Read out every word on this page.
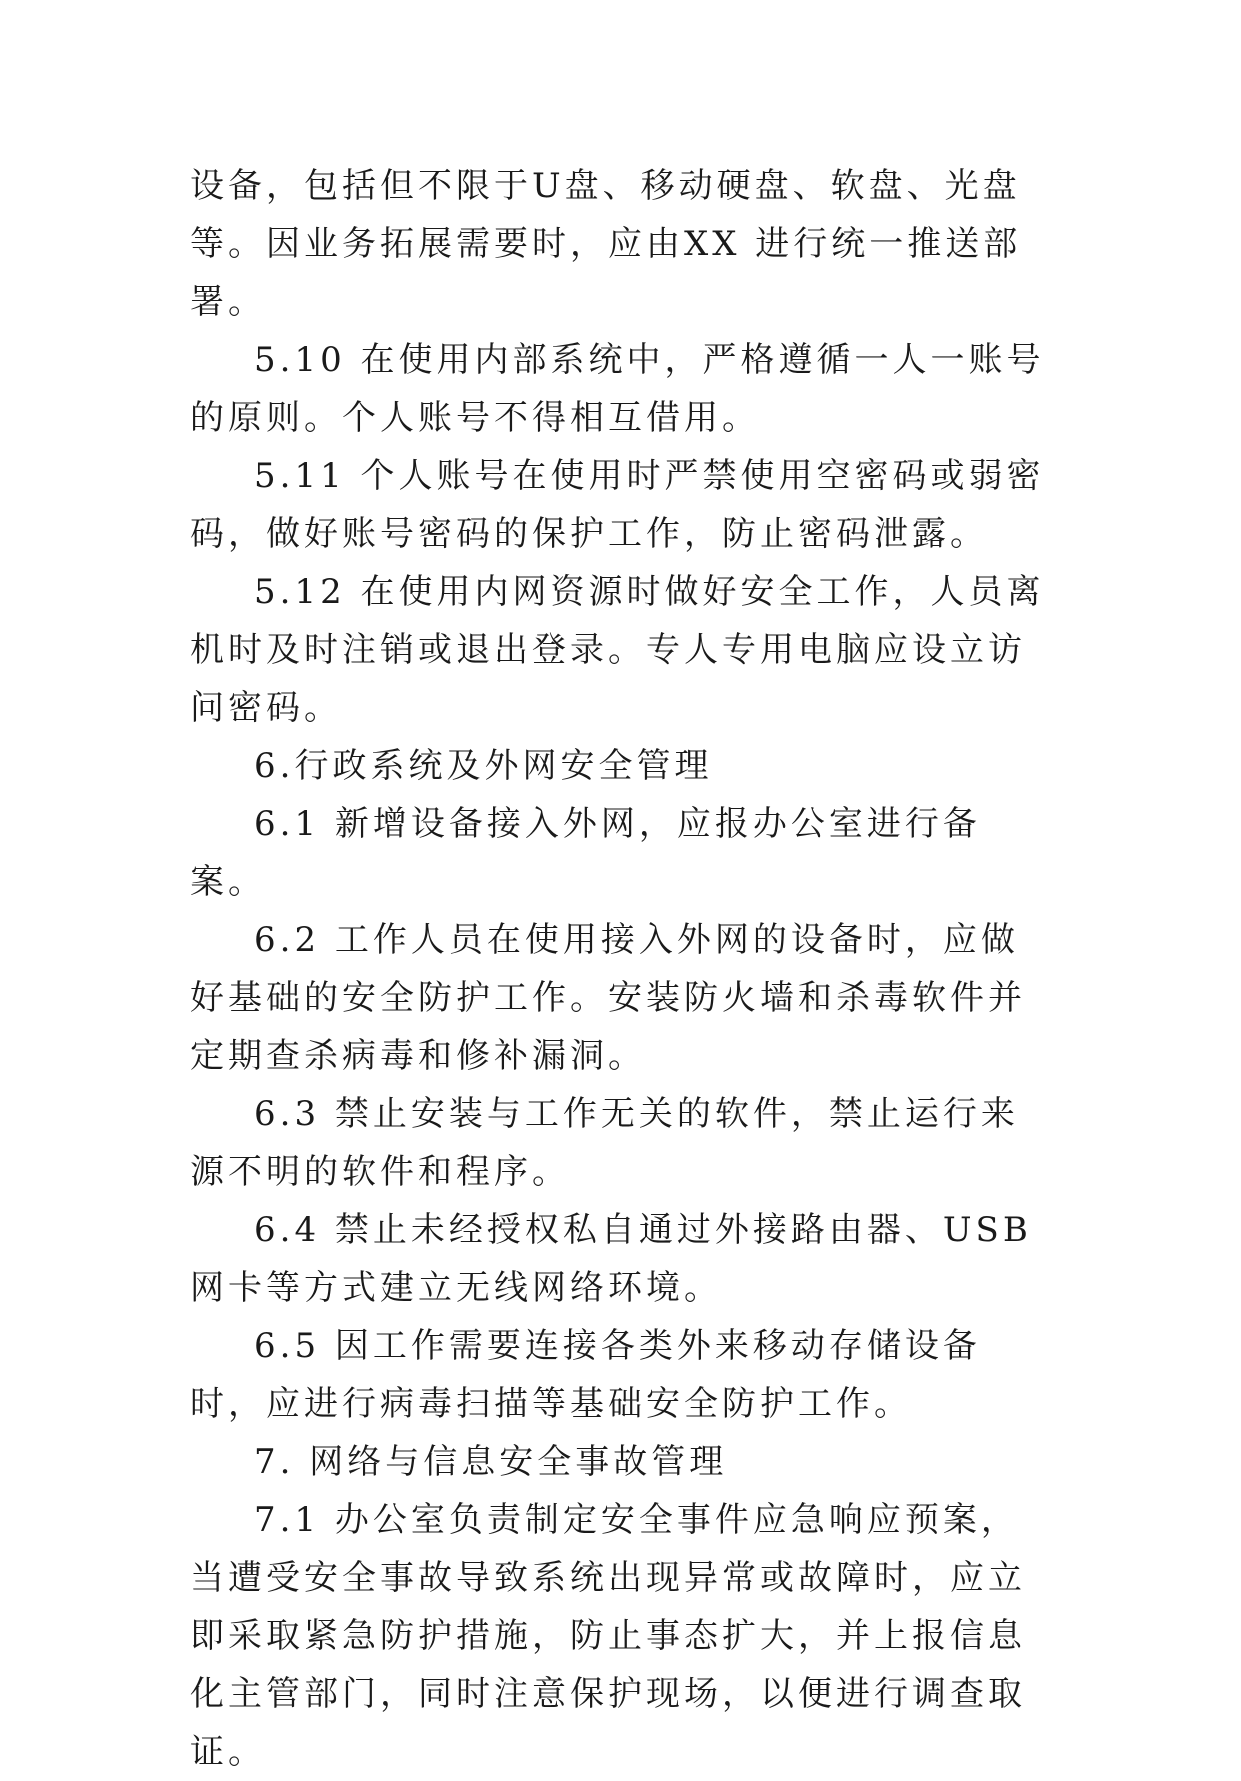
设备，包括但不限于U盘、移动硬盘、软盘、光盘等。因业务拓展需要时，应由XX 进行统一推送部署。

5.10 在使用内部系统中，严格遵循一人一账号的原则。个人账号不得相互借用。

5.11 个人账号在使用时严禁使用空密码或弱密码，做好账号密码的保护工作，防止密码泄露。

5.12 在使用内网资源时做好安全工作，人员离机时及时注销或退出登录。专人专用电脑应设立访问密码。

6.行政系统及外网安全管理

6.1 新增设备接入外网，应报办公室进行备案。

6.2 工作人员在使用接入外网的设备时，应做好基础的安全防护工作。安装防火墙和杀毒软件并定期查杀病毒和修补漏洞。

6.3 禁止安装与工作无关的软件，禁止运行来源不明的软件和程序。

6.4 禁止未经授权私自通过外接路由器、USB 网卡等方式建立无线网络环境。

6.5 因工作需要连接各类外来移动存储设备时，应进行病毒扫描等基础安全防护工作。

7. 网络与信息安全事故管理

7.1 办公室负责制定安全事件应急响应预案，当遭受安全事故导致系统出现异常或故障时，应立即采取紧急防护措施，防止事态扩大，并上报信息化主管部门，同时注意保护现场，以便进行调查取证。
